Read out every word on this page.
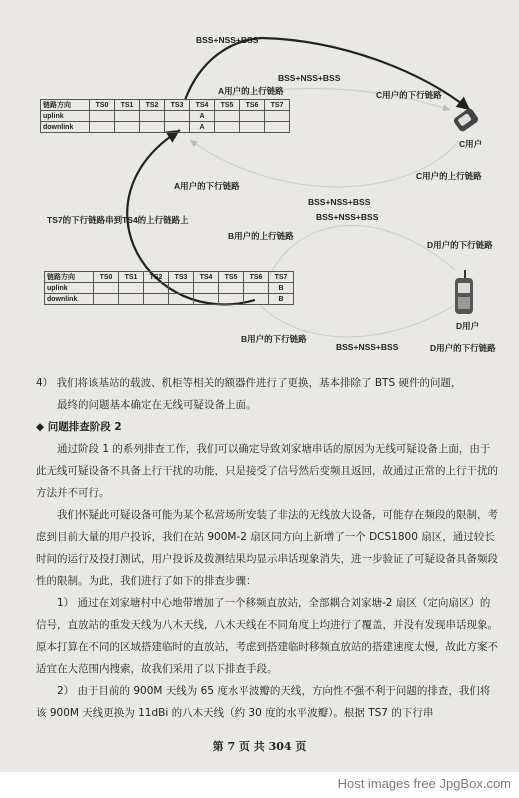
链路方向	TS0	TS1	TS2	TS3	TS4	TS5	TS6	TS7
uplink					A			
downlink					A			
链路方向	TS0	TS1	TS2	TS3	TS4	TS5	TS6	TS7
uplink								B
downlink								B
BSS+NSS+BSS
BSS+NSS+BSS
A用户的上行链路	C用户的下行链路
C用户
A用户的下行链路
C用户的上行链路
BSS+NSS+BSS
BSS+NSS+BSS
TS7的下行链路串到TS4的上行链路上
B用户的上行链路
D用户的下行链路
D用户
B用户的下行链路
BSS+NSS+BSS	D用户的下行链路

4） 我们将该基站的载波、机柜等相关的额器件进行了更换，基本排除了 BTS 硬件的问题，

最终的问题基本确定在无线可疑设备上面。

◆ 问题排查阶段 2

通过阶段 1 的系列排查工作，我们可以确定导致刘家塘串话的原因为无线可疑设备上面，由于此无线可疑设备不具备上行干扰的功能，只是接受了信号然后变频且返回，故通过正常的上行干扰的方法并不可行。

我们怀疑此可疑设备可能为某个私营场所安装了非法的无线放大设备，可能存在频段的限制，考虑到目前大量的用户投诉，我们在站 900M-2 扇区同方向上新增了一个 DCS1800 扇区，通过较长时间的运行及投打测试，用户投诉及拨测结果均显示串话现象消失，进一步验证了可疑设备具备频段性的限制。为此，我们进行了如下的排查步骤：

1） 通过在刘家塘村中心地带增加了一个移频直放站，全部耦合刘家塘-2 扇区（定向扇区）的信号，直放站的重发天线为八木天线，八木天线在不同角度上均进行了覆盖，并没有发现串话现象。原本打算在不同的区域搭建临时的直放站，考虑到搭建临时移频直放站的搭建速度太慢，故此方案不适宜在大范围内搜索，故我们采用了以下排查手段。

2） 由于目前的 900M 天线为 65 度水平波瓣的天线，方向性不强不利于问题的排查，我们将该 900M 天线更换为 11dBi 的八木天线（约 30 度的水平波瓣）。根据 TS7 的下行串

第 7 页 共 304 页
Host images free JpgBox.com
